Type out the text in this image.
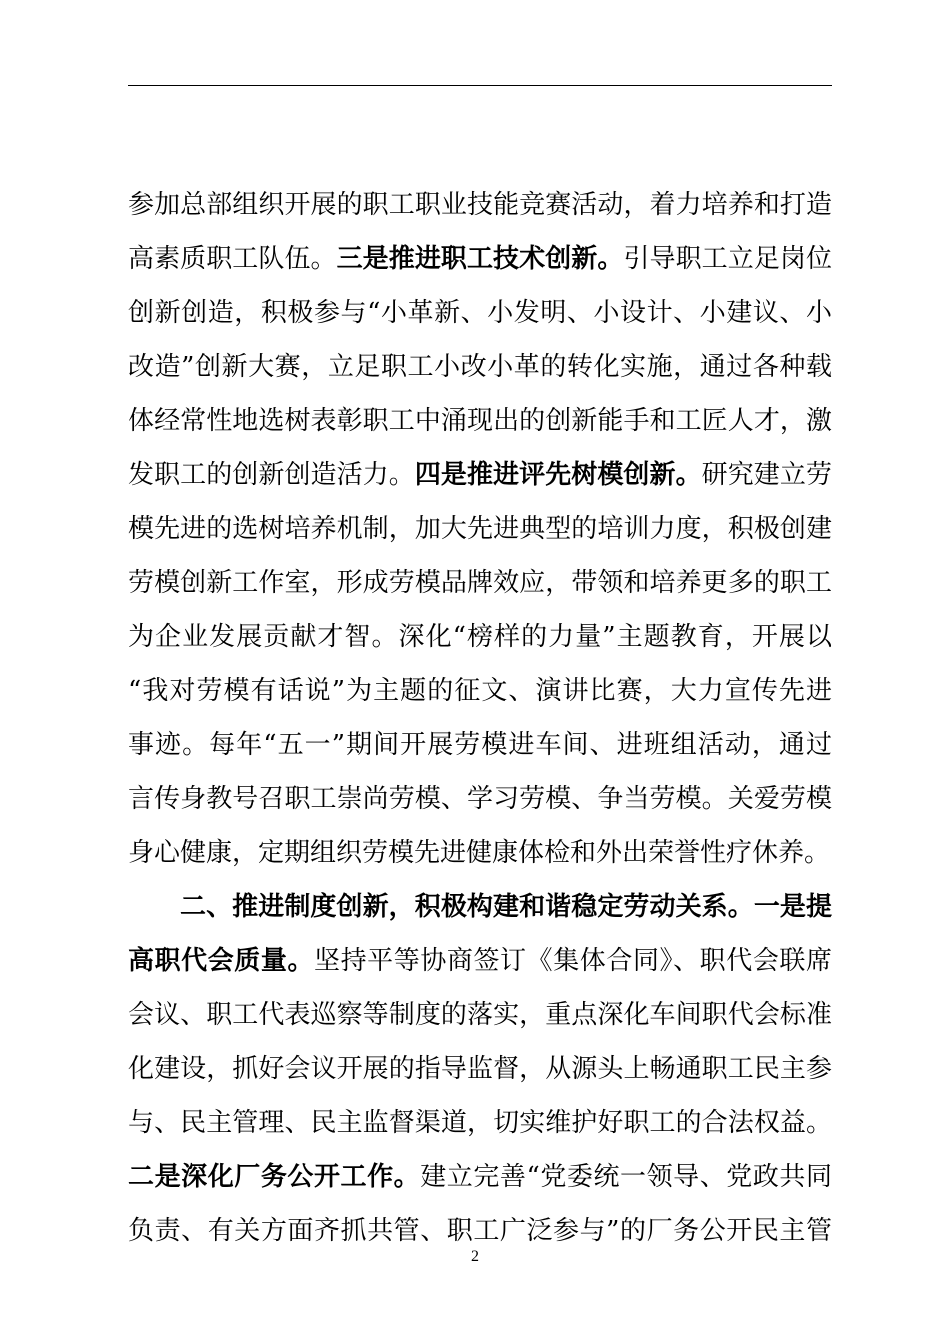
参加总部组织开展的职工职业技能竞赛活动，着力培养和打造
高素质职工队伍。三是推进职工技术创新。引导职工立足岗位
创新创造，积极参与“小革新、小发明、小设计、小建议、小
改造”创新大赛，立足职工小改小革的转化实施，通过各种载
体经常性地选树表彰职工中涌现出的创新能手和工匠人才，激
发职工的创新创造活力。四是推进评先树模创新。研究建立劳
模先进的选树培养机制，加大先进典型的培训力度，积极创建
劳模创新工作室，形成劳模品牌效应，带领和培养更多的职工
为企业发展贡献才智。深化“榜样的力量”主题教育，开展以
“我对劳模有话说”为主题的征文、演讲比赛，大力宣传先进
事迹。每年“五一”期间开展劳模进车间、进班组活动，通过
言传身教号召职工崇尚劳模、学习劳模、争当劳模。关爱劳模
身心健康，定期组织劳模先进健康体检和外出荣誉性疗休养。
二、推进制度创新，积极构建和谐稳定劳动关系。一是提
高职代会质量。坚持平等协商签订《集体合同》、职代会联席
会议、职工代表巡察等制度的落实，重点深化车间职代会标准
化建设，抓好会议开展的指导监督，从源头上畅通职工民主参
与、民主管理、民主监督渠道，切实维护好职工的合法权益。
二是深化厂务公开工作。建立完善“党委统一领导、党政共同
负责、有关方面齐抓共管、职工广泛参与”的厂务公开民主管
2
